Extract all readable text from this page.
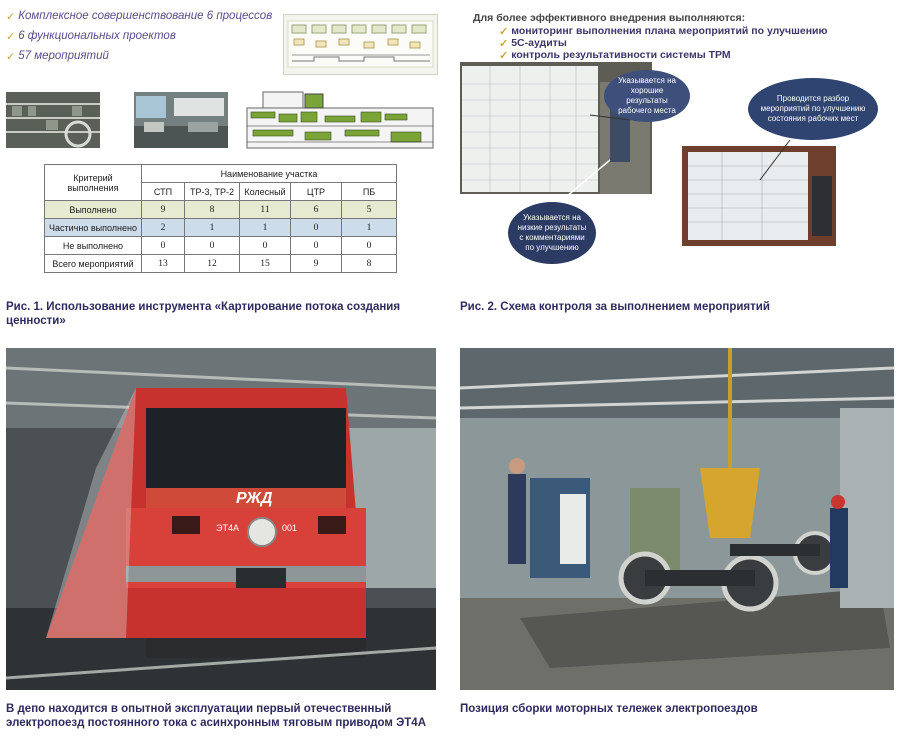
✓ Комплексное совершенствование 6 процессов
✓ 6 функциональных проектов
✓ 57 мероприятий
Критерий выполнения	Наименование участка				
	СТП	ТР-3, ТР-2	Колесный	ЦТР	ПБ
Выполнено	9	8	11	6	5
Частично выполнено	2	1	1	0	1
Не выполнено	0	0	0	0	0
Всего мероприятий	13	12	15	9	8
Рис. 1. Использование инструмента «Картирование потока создания ценности»
Для более эффективного внедрения выполняются:
✓ мониторинг выполнения плана мероприятий по улучшению
✓ 5С-аудиты
✓ контроль результативности системы ТРМ
Указывается на хорошие результаты рабочего места
Проводится разбор мероприятий по улучшению состояния рабочих мест
Указывается на низкие результаты с комментариями по улучшению
Рис. 2. Схема контроля за выполнением мероприятий
РЖД
ЭТ4А	001
В депо находится в опытной эксплуатации первый отечественный электропоезд постоянного тока с асинхронным тяговым приводом ЭТ4А
Позиция сборки моторных тележек электропоездов
